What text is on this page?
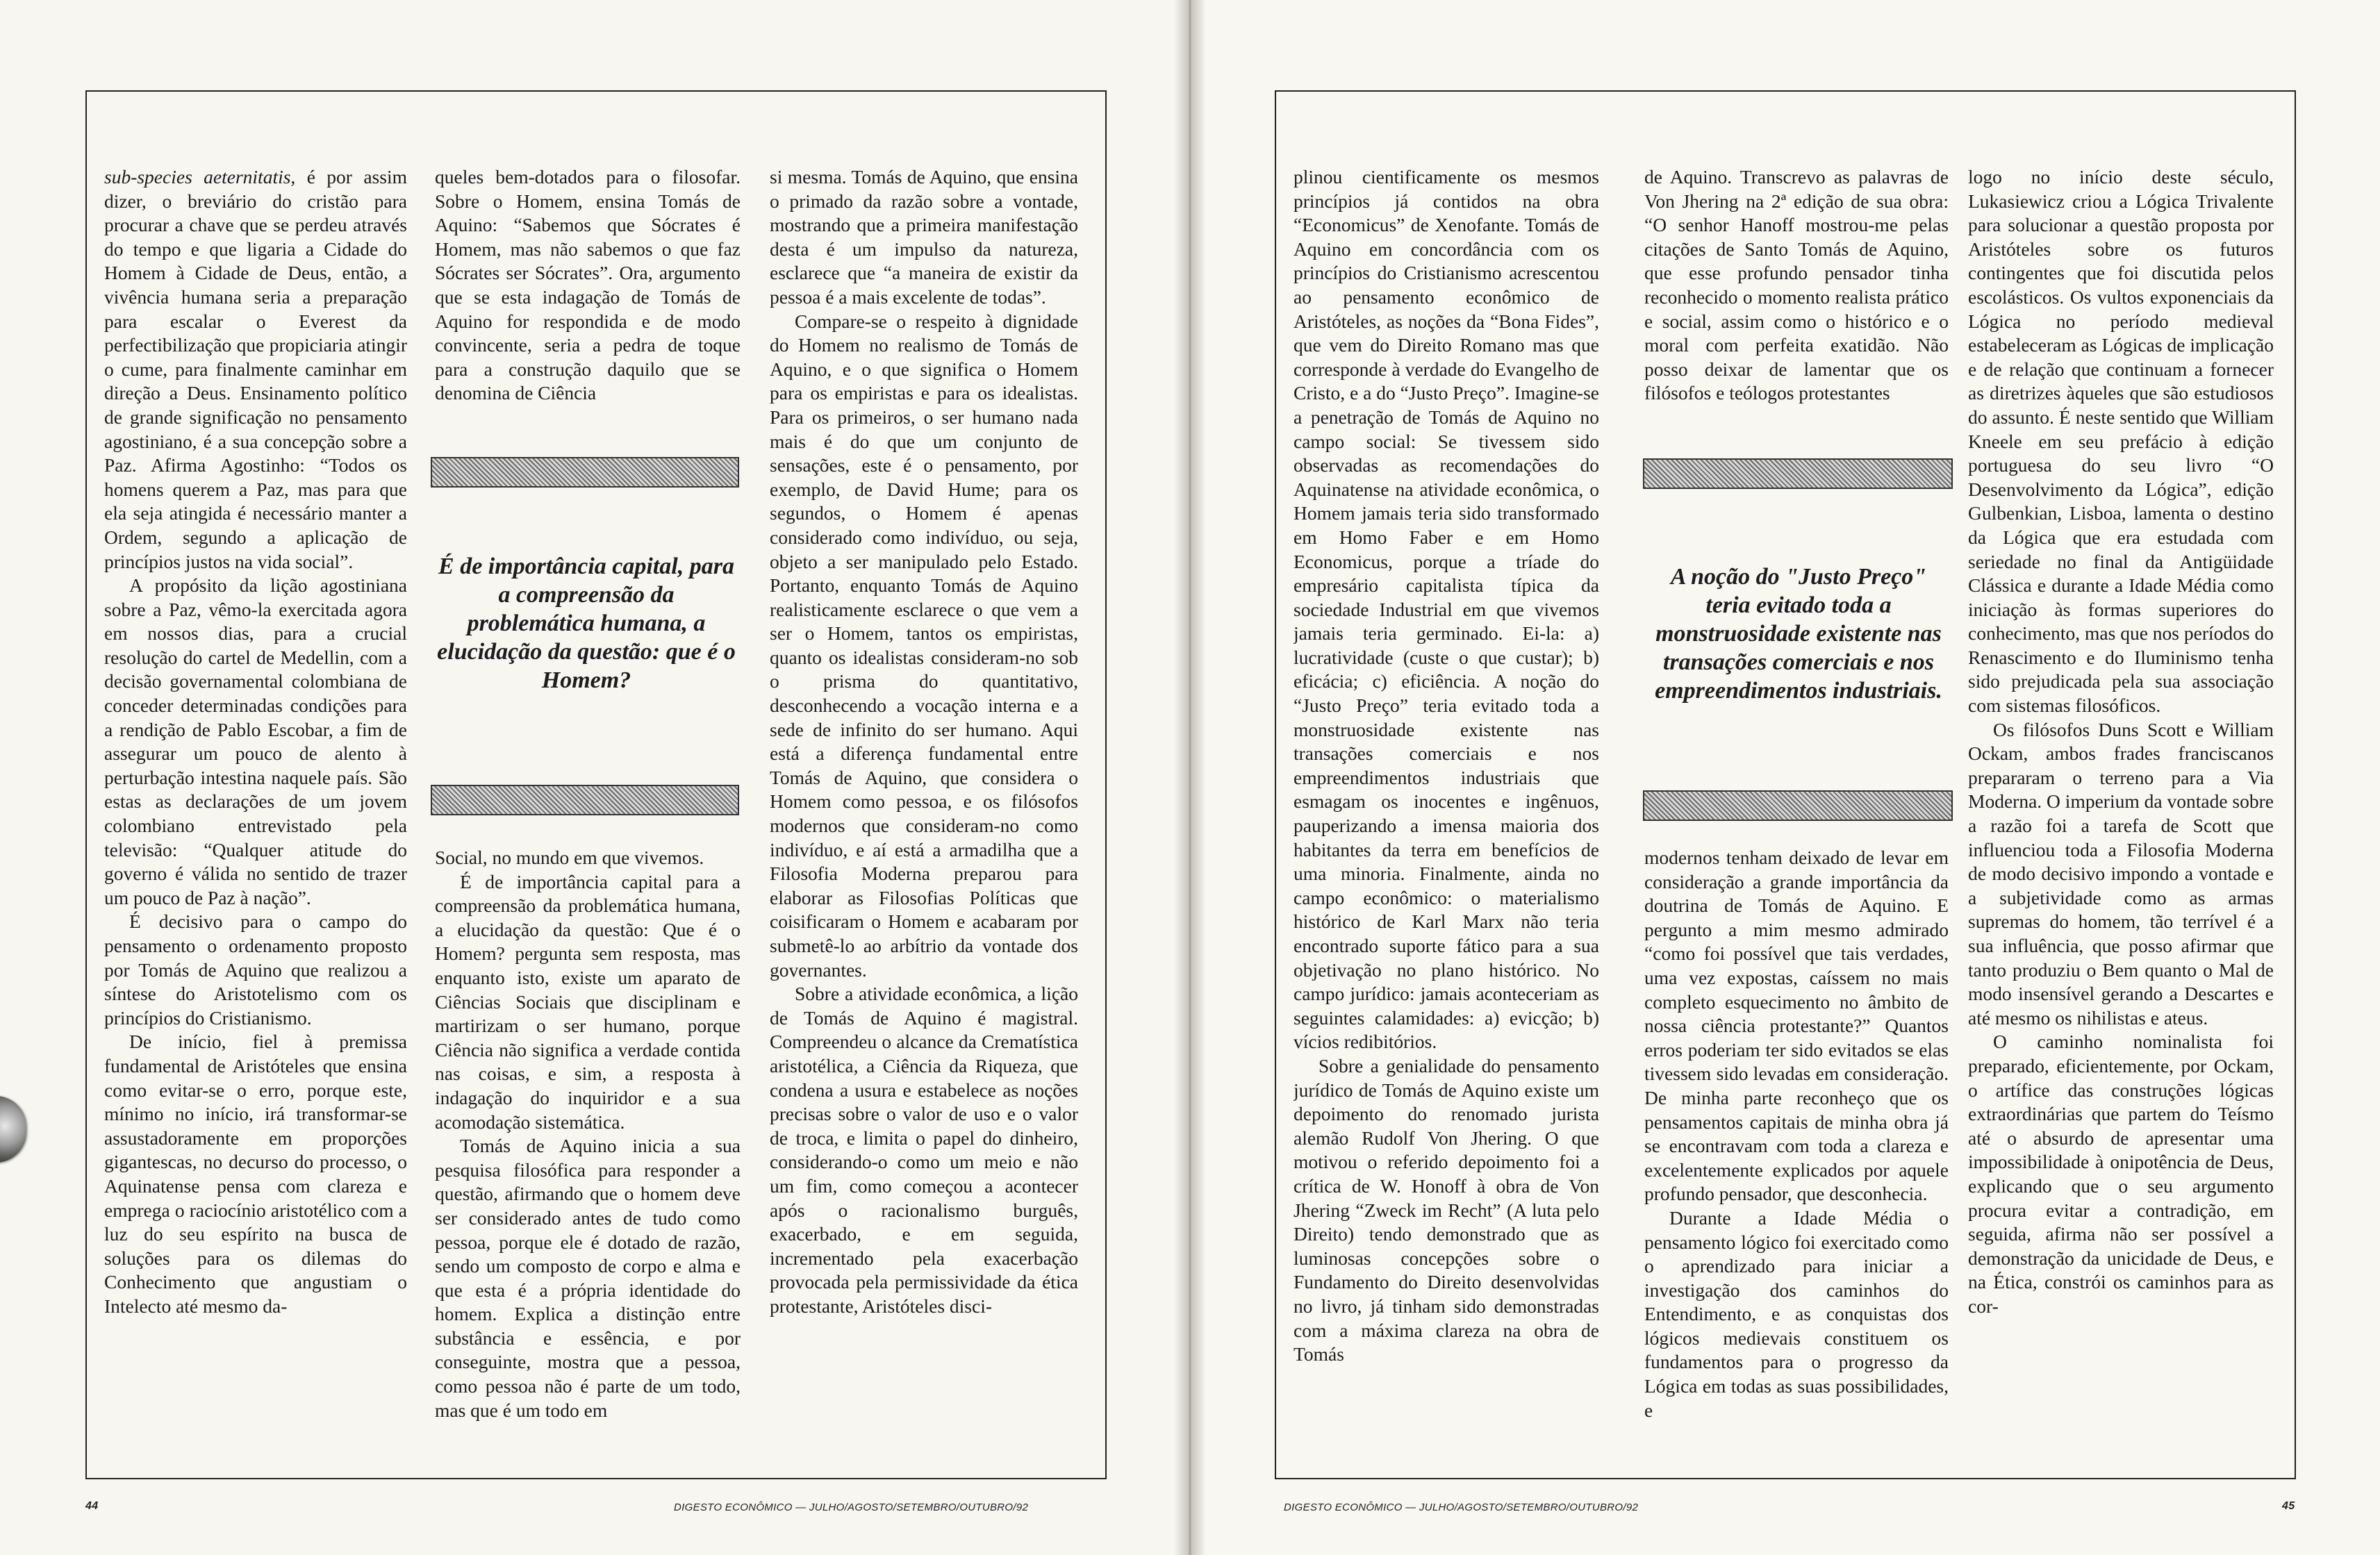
sub-species aeternitatis, é por assim dizer, o breviário do cristão para procurar a chave que se perdeu através do tempo e que ligaria a Cidade do Homem à Cidade de Deus, então, a vivência humana seria a preparação para escalar o Everest da perfectibilização que propiciaria atingir o cume, para finalmente caminhar em direção a Deus. Ensinamento político de grande significação no pensamento agostiniano, é a sua concepção sobre a Paz. Afirma Agostinho: “Todos os homens querem a Paz, mas para que ela seja atingida é necessário manter a Ordem, segundo a aplicação de princípios justos na vida social”.

A propósito da lição agostiniana sobre a Paz, vêmo-la exercitada agora em nossos dias, para a crucial resolução do cartel de Medellin, com a decisão governamental colombiana de conceder determinadas condições para a rendição de Pablo Escobar, a fim de assegurar um pouco de alento à perturbação intestina naquele país. São estas as declarações de um jovem colombiano entrevistado pela televisão: “Qualquer atitude do governo é válida no sentido de trazer um pouco de Paz à nação”.

É decisivo para o campo do pensamento o ordenamento proposto por Tomás de Aquino que realizou a síntese do Aristotelismo com os princípios do Cristianismo.

De início, fiel à premissa fundamental de Aristóteles que ensina como evitar-se o erro, porque este, mínimo no início, irá transformar-se assustadoramente em proporções gigantescas, no decurso do processo, o Aquinatense pensa com clareza e emprega o raciocínio aristotélico com a luz do seu espírito na busca de soluções para os dilemas do Conhecimento que angustiam o Intelecto até mesmo da-

queles bem-dotados para o filosofar. Sobre o Homem, ensina Tomás de Aquino: “Sabemos que Sócrates é Homem, mas não sabemos o que faz Sócrates ser Sócrates”. Ora, argumento que se esta indagação de Tomás de Aquino for respondida e de modo convincente, seria a pedra de toque para a construção daquilo que se denomina de Ciência

É de importância capital, para a compreensão da problemática humana, a elucidação da questão: que é o Homem?

Social, no mundo em que vivemos.

É de importância capital para a compreensão da problemática humana, a elucidação da questão: Que é o Homem? pergunta sem resposta, mas enquanto isto, existe um aparato de Ciências Sociais que disciplinam e martirizam o ser humano, porque Ciência não significa a verdade contida nas coisas, e sim, a resposta à indagação do inquiridor e a sua acomodação sistemática.

Tomás de Aquino inicia a sua pesquisa filosófica para responder a questão, afirmando que o homem deve ser considerado antes de tudo como pessoa, porque ele é dotado de razão, sendo um composto de corpo e alma e que esta é a própria identidade do homem. Explica a distinção entre substância e essência, e por conseguinte, mostra que a pessoa, como pessoa não é parte de um todo, mas que é um todo em

si mesma. Tomás de Aquino, que ensina o primado da razão sobre a vontade, mostrando que a primeira manifestação desta é um impulso da natureza, esclarece que “a maneira de existir da pessoa é a mais excelente de todas”.

Compare-se o respeito à dignidade do Homem no realismo de Tomás de Aquino, e o que significa o Homem para os empiristas e para os idealistas. Para os primeiros, o ser humano nada mais é do que um conjunto de sensações, este é o pensamento, por exemplo, de David Hume; para os segundos, o Homem é apenas considerado como indivíduo, ou seja, objeto a ser manipulado pelo Estado. Portanto, enquanto Tomás de Aquino realisticamente esclarece o que vem a ser o Homem, tantos os empiristas, quanto os idealistas consideram-no sob o prisma do quantitativo, desconhecendo a vocação interna e a sede de infinito do ser humano. Aqui está a diferença fundamental entre Tomás de Aquino, que considera o Homem como pessoa, e os filósofos modernos que consideram-no como indivíduo, e aí está a armadilha que a Filosofia Moderna preparou para elaborar as Filosofias Políticas que coisificaram o Homem e acabaram por submetê-lo ao arbítrio da vontade dos governantes.

Sobre a atividade econômica, a lição de Tomás de Aquino é magistral. Compreendeu o alcance da Crematística aristotélica, a Ciência da Riqueza, que condena a usura e estabelece as noções precisas sobre o valor de uso e o valor de troca, e limita o papel do dinheiro, considerando-o como um meio e não um fim, como começou a acontecer após o racionalismo burguês, exacerbado, e em seguida, incrementado pela exacerbação provocada pela permissividade da ética protestante, Aristóteles disci-

44	DIGESTO ECONÔMICO — JULHO/AGOSTO/SETEMBRO/OUTUBRO/92

plinou cientificamente os mesmos princípios já contidos na obra “Economicus” de Xenofante. Tomás de Aquino em concordância com os princípios do Cristianismo acrescentou ao pensamento econômico de Aristóteles, as noções da “Bona Fides”, que vem do Direito Romano mas que corresponde à verdade do Evangelho de Cristo, e a do “Justo Preço”. Imagine-se a penetração de Tomás de Aquino no campo social: Se tivessem sido observadas as recomendações do Aquinatense na atividade econômica, o Homem jamais teria sido transformado em Homo Faber e em Homo Economicus, porque a tríade do empresário capitalista típica da sociedade Industrial em que vivemos jamais teria germinado. Ei-la: a) lucratividade (custe o que custar); b) eficácia; c) eficiência. A noção do “Justo Preço” teria evitado toda a monstruosidade existente nas transações comerciais e nos empreendimentos industriais que esmagam os inocentes e ingênuos, pauperizando a imensa maioria dos habitantes da terra em benefícios de uma minoria. Finalmente, ainda no campo econômico: o materialismo histórico de Karl Marx não teria encontrado suporte fático para a sua objetivação no plano histórico. No campo jurídico: jamais aconteceriam as seguintes calamidades: a) evicção; b) vícios redibitórios.

Sobre a genialidade do pensamento jurídico de Tomás de Aquino existe um depoimento do renomado jurista alemão Rudolf Von Jhering. O que motivou o referido depoimento foi a crítica de W. Honoff à obra de Von Jhering “Zweck im Recht” (A luta pelo Direito) tendo demonstrado que as luminosas concepções sobre o Fundamento do Direito desenvolvidas no livro, já tinham sido demonstradas com a máxima clareza na obra de Tomás

de Aquino. Transcrevo as palavras de Von Jhering na 2ª edição de sua obra: “O senhor Hanoff mostrou-me pelas citações de Santo Tomás de Aquino, que esse profundo pensador tinha reconhecido o momento realista prático e social, assim como o histórico e o moral com perfeita exatidão. Não posso deixar de lamentar que os filósofos e teólogos protestantes

A noção do "Justo Preço" teria evitado toda a monstruosidade existente nas transações comerciais e nos empreendimentos industriais.

modernos tenham deixado de levar em consideração a grande importância da doutrina de Tomás de Aquino. E pergunto a mim mesmo admirado “como foi possível que tais verdades, uma vez expostas, caíssem no mais completo esquecimento no âmbito de nossa ciência protestante?” Quantos erros poderiam ter sido evitados se elas tivessem sido levadas em consideração. De minha parte reconheço que os pensamentos capitais de minha obra já se encontravam com toda a clareza e excelentemente explicados por aquele profundo pensador, que desconhecia.

Durante a Idade Média o pensamento lógico foi exercitado como o aprendizado para iniciar a investigação dos caminhos do Entendimento, e as conquistas dos lógicos medievais constituem os fundamentos para o progresso da Lógica em todas as suas possibilidades, e

logo no início deste século, Lukasiewicz criou a Lógica Trivalente para solucionar a questão proposta por Aristóteles sobre os futuros contingentes que foi discutida pelos escolásticos. Os vultos exponenciais da Lógica no período medieval estabeleceram as Lógicas de implicação e de relação que continuam a fornecer as diretrizes àqueles que são estudiosos do assunto. É neste sentido que William Kneele em seu prefácio à edição portuguesa do seu livro “O Desenvolvimento da Lógica”, edição Gulbenkian, Lisboa, lamenta o destino da Lógica que era estudada com seriedade no final da Antigüidade Clássica e durante a Idade Média como iniciação às formas superiores do conhecimento, mas que nos períodos do Renascimento e do Iluminismo tenha sido prejudicada pela sua associação com sistemas filosóficos.

Os filósofos Duns Scott e William Ockam, ambos frades franciscanos prepararam o terreno para a Via Moderna. O imperium da vontade sobre a razão foi a tarefa de Scott que influenciou toda a Filosofia Moderna de modo decisivo impondo a vontade e a subjetividade como as armas supremas do homem, tão terrível é a sua influência, que posso afirmar que tanto produziu o Bem quanto o Mal de modo insensível gerando a Descartes e até mesmo os nihilistas e ateus.

O caminho nominalista foi preparado, eficientemente, por Ockam, o artífice das construções lógicas extraordinárias que partem do Teísmo até o absurdo de apresentar uma impossibilidade à onipotência de Deus, explicando que o seu argumento procura evitar a contradição, em seguida, afirma não ser possível a demonstração da unicidade de Deus, e na Ética, constrói os caminhos para as cor-

DIGESTO ECONÔMICO — JULHO/AGOSTO/SETEMBRO/OUTUBRO/92	45
